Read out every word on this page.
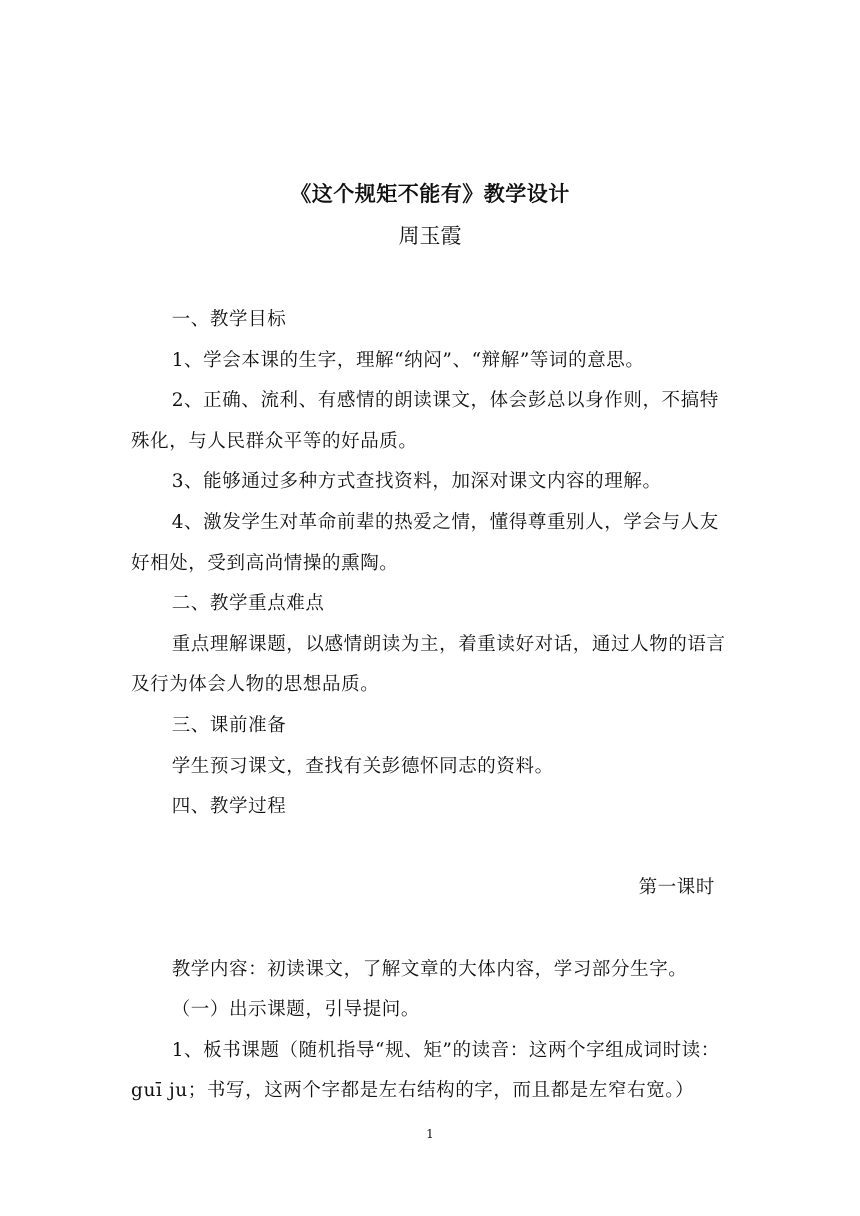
《这个规矩不能有》教学设计
周玉霞

一、教学目标

1、学会本课的生字，理解“纳闷”、“辩解”等词的意思。

2、正确、流利、有感情的朗读课文，体会彭总以身作则，不搞特殊化，与人民群众平等的好品质。

3、能够通过多种方式查找资料，加深对课文内容的理解。

4、激发学生对革命前辈的热爱之情，懂得尊重别人，学会与人友好相处，受到高尚情操的熏陶。

二、教学重点难点

重点理解课题，以感情朗读为主，着重读好对话，通过人物的语言及行为体会人物的思想品质。

三、课前准备

学生预习课文，查找有关彭德怀同志的资料。

四、教学过程

第一课时

教学内容：初读课文，了解文章的大体内容，学习部分生字。

（一）出示课题，引导提问。

1、板书课题（随机指导“规、矩”的读音：这两个字组成词时读：guī ju；书写，这两个字都是左右结构的字，而且都是左窄右宽。）

1
